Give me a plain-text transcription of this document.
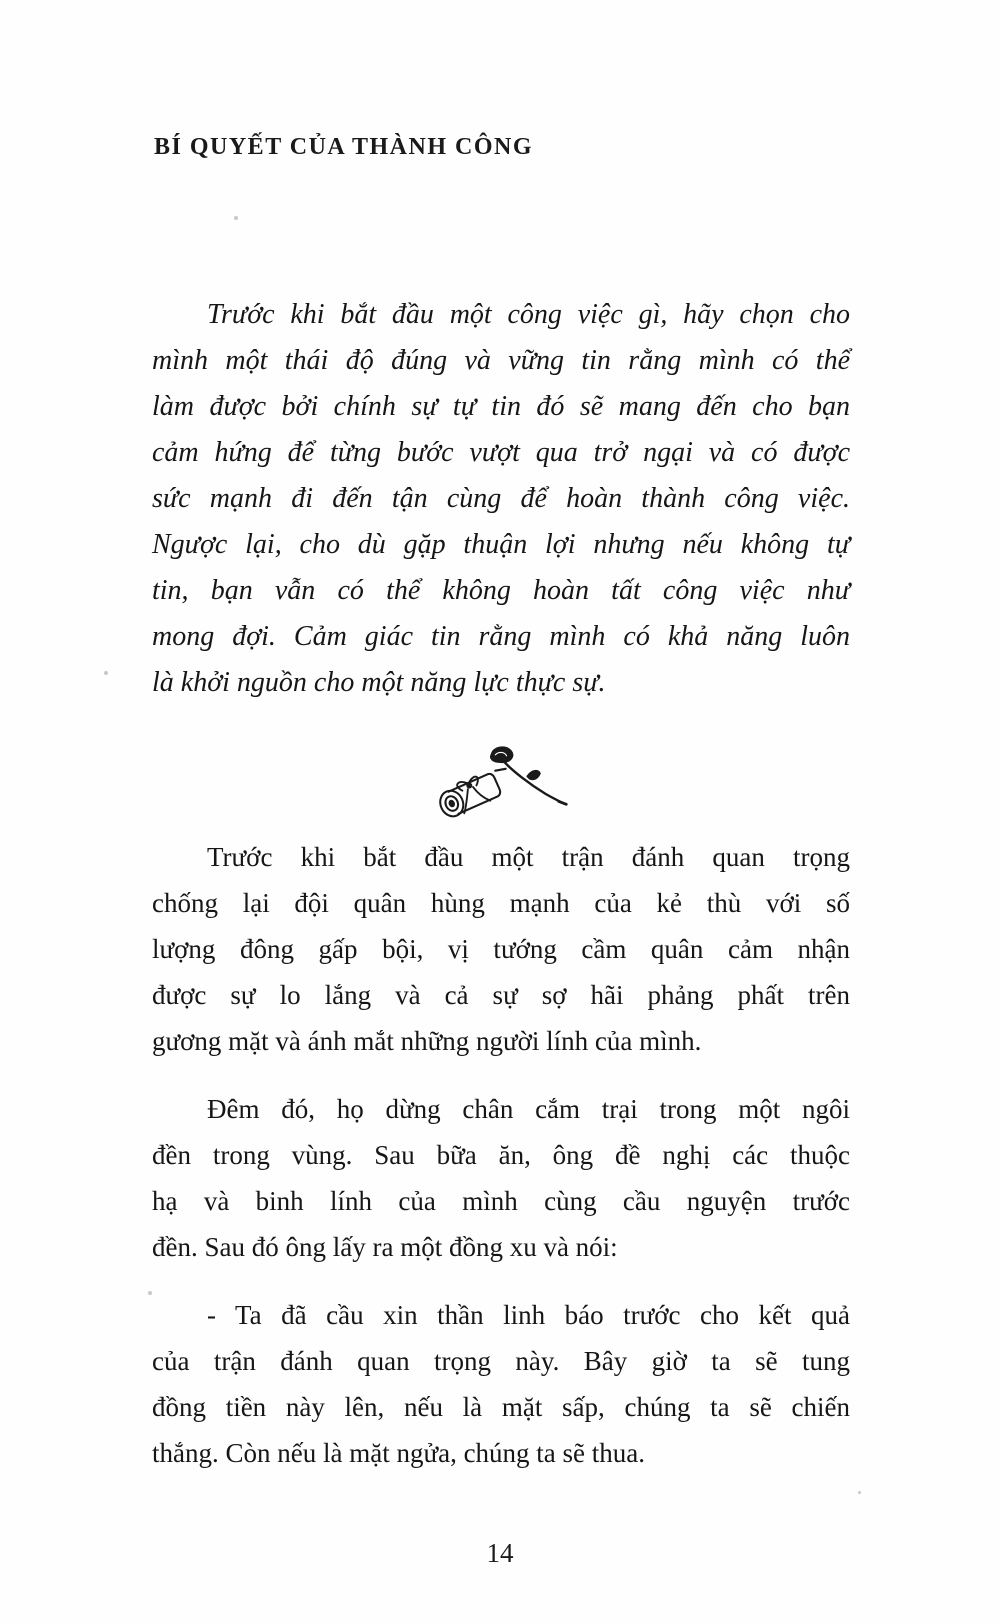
BÍ QUYẾT CỦA THÀNH CÔNG
Trước khi bắt đầu một công việc gì, hãy chọn cho
mình một thái độ đúng và vững tin rằng mình có thể
làm được bởi chính sự tự tin đó sẽ mang đến cho bạn
cảm hứng để từng bước vượt qua trở ngại và có được
sức mạnh đi đến tận cùng để hoàn thành công việc.
Ngược lại, cho dù gặp thuận lợi nhưng nếu không tự
tin, bạn vẫn có thể không hoàn tất công việc như
mong đợi. Cảm giác tin rằng mình có khả năng luôn
là khởi nguồn cho một năng lực thực sự.
Trước khi bắt đầu một trận đánh quan trọng
chống lại đội quân hùng mạnh của kẻ thù với số
lượng đông gấp bội, vị tướng cầm quân cảm nhận
được sự lo lắng và cả sự sợ hãi phảng phất trên
gương mặt và ánh mắt những người lính của mình.
Đêm đó, họ dừng chân cắm trại trong một ngôi
đền trong vùng. Sau bữa ăn, ông đề nghị các thuộc
hạ và binh lính của mình cùng cầu nguyện trước
đền. Sau đó ông lấy ra một đồng xu và nói:
- Ta đã cầu xin thần linh báo trước cho kết quả
của trận đánh quan trọng này. Bây giờ ta sẽ tung
đồng tiền này lên, nếu là mặt sấp, chúng ta sẽ chiến
thắng. Còn nếu là mặt ngửa, chúng ta sẽ thua.
14
